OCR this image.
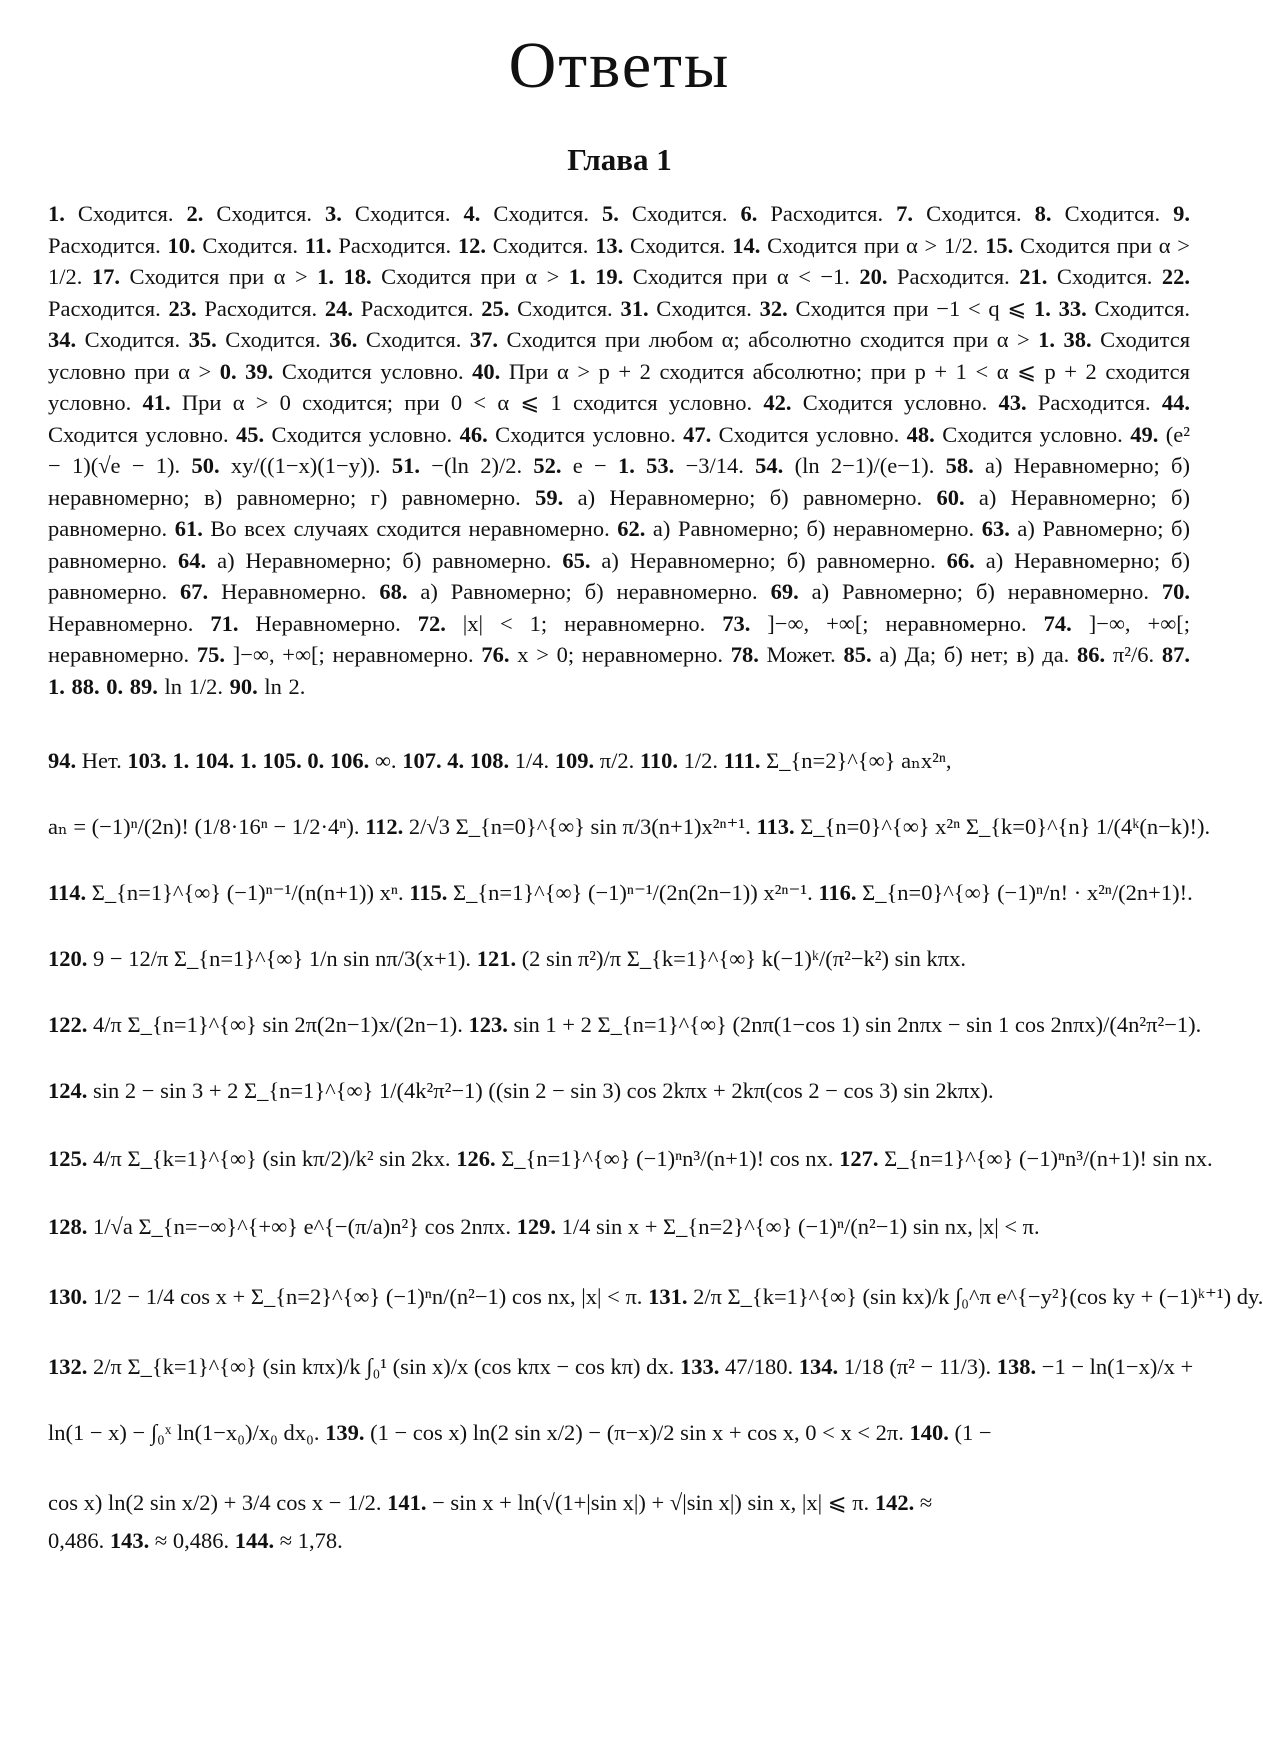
Ответы
Глава 1
1. Сходится. 2. Сходится. 3. Сходится. 4. Сходится. 5. Сходится. 6. Расходится. 7. Сходится. 8. Сходится. 9. Расходится. 10. Сходится. 11. Расходится. 12. Сходится. 13. Сходится. 14. Сходится при α > 1/2. 15. Сходится при α > 1/2. 17. Сходится при α > 1. 18. Сходится при α > 1. 19. Сходится при α < −1. 20. Расходится. 21. Сходится. 22. Расходится. 23. Расходится. 24. Расходится. 25. Сходится. 31. Сходится. 32. Сходится при −1 < q ⩽ 1. 33. Сходится. 34. Сходится. 35. Сходится. 36. Сходится. 37. Сходится при любом α; абсолютно сходится при α > 1. 38. Сходится условно при α > 0. 39. Сходится условно. 40. При α > p + 2 сходится абсолютно; при p + 1 < α ⩽ p + 2 сходится условно. 41. При α > 0 сходится; при 0 < α ⩽ 1 сходится условно. 42. Сходится условно. 43. Расходится. 44. Сходится условно. 45. Сходится условно. 46. Сходится условно. 47. Сходится условно. 48. Сходится условно. 49. (e² − 1)(√e − 1). 50. xy/((1−x)(1−y)). 51. −(ln 2)/2. 52. e − 1. 53. −3/14. 54. (ln 2−1)/(e−1). 58. а) Неравномерно; б) неравномерно; в) равномерно; г) равномерно. 59. а) Неравномерно; б) равномерно. 60. а) Неравномерно; б) равномерно. 61. Во всех случаях сходится неравномерно. 62. а) Равномерно; б) неравномерно. 63. а) Равномерно; б) равномерно. 64. а) Неравномерно; б) равномерно. 65. а) Неравномерно; б) равномерно. 66. а) Неравномерно; б) равномерно. 67. Неравномерно. 68. а) Равномерно; б) неравномерно. 69. а) Равномерно; б) неравномерно. 70. Неравномерно. 71. Неравномерно. 72. |x| < 1; неравномерно. 73. ]−∞, +∞[; неравномерно. 74. ]−∞, +∞[; неравномерно. 75. ]−∞, +∞[; неравномерно. 76. x > 0; неравномерно. 78. Может. 85. а) Да; б) нет; в) да. 86. π²/6. 87. 1. 88. 0. 89. ln 1/2. 90. ln 2.
94. Нет. 103. 1. 104. 1. 105. 0. 106. ∞. 107. 4. 108. 1/4. 109. π/2. 110. 1/2. 111. Σ_{n=2}^{∞} aₙx²ⁿ,
aₙ = (−1)ⁿ/(2n)! (1/8·16ⁿ − 1/2·4ⁿ). 112. 2/√3 Σ_{n=0}^{∞} sin π/3(n+1)x²ⁿ⁺¹. 113. Σ_{n=0}^{∞} x²ⁿ Σ_{k=0}^{n} 1/(4ᵏ(n−k)!).
114. Σ_{n=1}^{∞} (−1)ⁿ⁻¹/(n(n+1)) xⁿ. 115. Σ_{n=1}^{∞} (−1)ⁿ⁻¹/(2n(2n−1)) x²ⁿ⁻¹. 116. Σ_{n=0}^{∞} (−1)ⁿ/n! · x²ⁿ/(2n+1)!.
120. 9 − 12/π Σ_{n=1}^{∞} 1/n sin nπ/3(x+1). 121. (2 sin π²)/π Σ_{k=1}^{∞} k(−1)ᵏ/(π²−k²) sin kπx.
122. 4/π Σ_{n=1}^{∞} sin 2π(2n−1)x/(2n−1). 123. sin 1 + 2 Σ_{n=1}^{∞} (2nπ(1−cos 1) sin 2nπx − sin 1 cos 2nπx)/(4n²π²−1).
124. sin 2 − sin 3 + 2 Σ_{n=1}^{∞} 1/(4k²π²−1) ((sin 2 − sin 3) cos 2kπx + 2kπ(cos 2 − cos 3) sin 2kπx).
125. 4/π Σ_{k=1}^{∞} (sin kπ/2)/k² sin 2kx. 126. Σ_{n=1}^{∞} (−1)ⁿn³/(n+1)! cos nx. 127. Σ_{n=1}^{∞} (−1)ⁿn³/(n+1)! sin nx.
128. 1/√a Σ_{n=−∞}^{+∞} e^{−(π/a)n²} cos 2nπx. 129. 1/4 sin x + Σ_{n=2}^{∞} (−1)ⁿ/(n²−1) sin nx, |x| < π.
130. 1/2 − 1/4 cos x + Σ_{n=2}^{∞} (−1)ⁿn/(n²−1) cos nx, |x| < π. 131. 2/π Σ_{k=1}^{∞} (sin kx)/k ∫₀^π e^{−y²}(cos ky + (−1)ᵏ⁺¹) dy.
132. 2/π Σ_{k=1}^{∞} (sin kπx)/k ∫₀¹ (sin x)/x (cos kπx − cos kπ) dx. 133. 47/180. 134. 1/18 (π² − 11/3). 138. −1 − ln(1−x)/x +
ln(1 − x) − ∫₀ˣ ln(1−x₀)/x₀ dx₀. 139. (1 − cos x) ln(2 sin x/2) − (π−x)/2 sin x + cos x, 0 < x < 2π. 140. (1 −
cos x) ln(2 sin x/2) + 3/4 cos x − 1/2. 141. − sin x + ln(√(1+|sin x|) + √|sin x|) sin x, |x| ⩽ π. 142. ≈
0,486. 143. ≈ 0,486. 144. ≈ 1,78.
